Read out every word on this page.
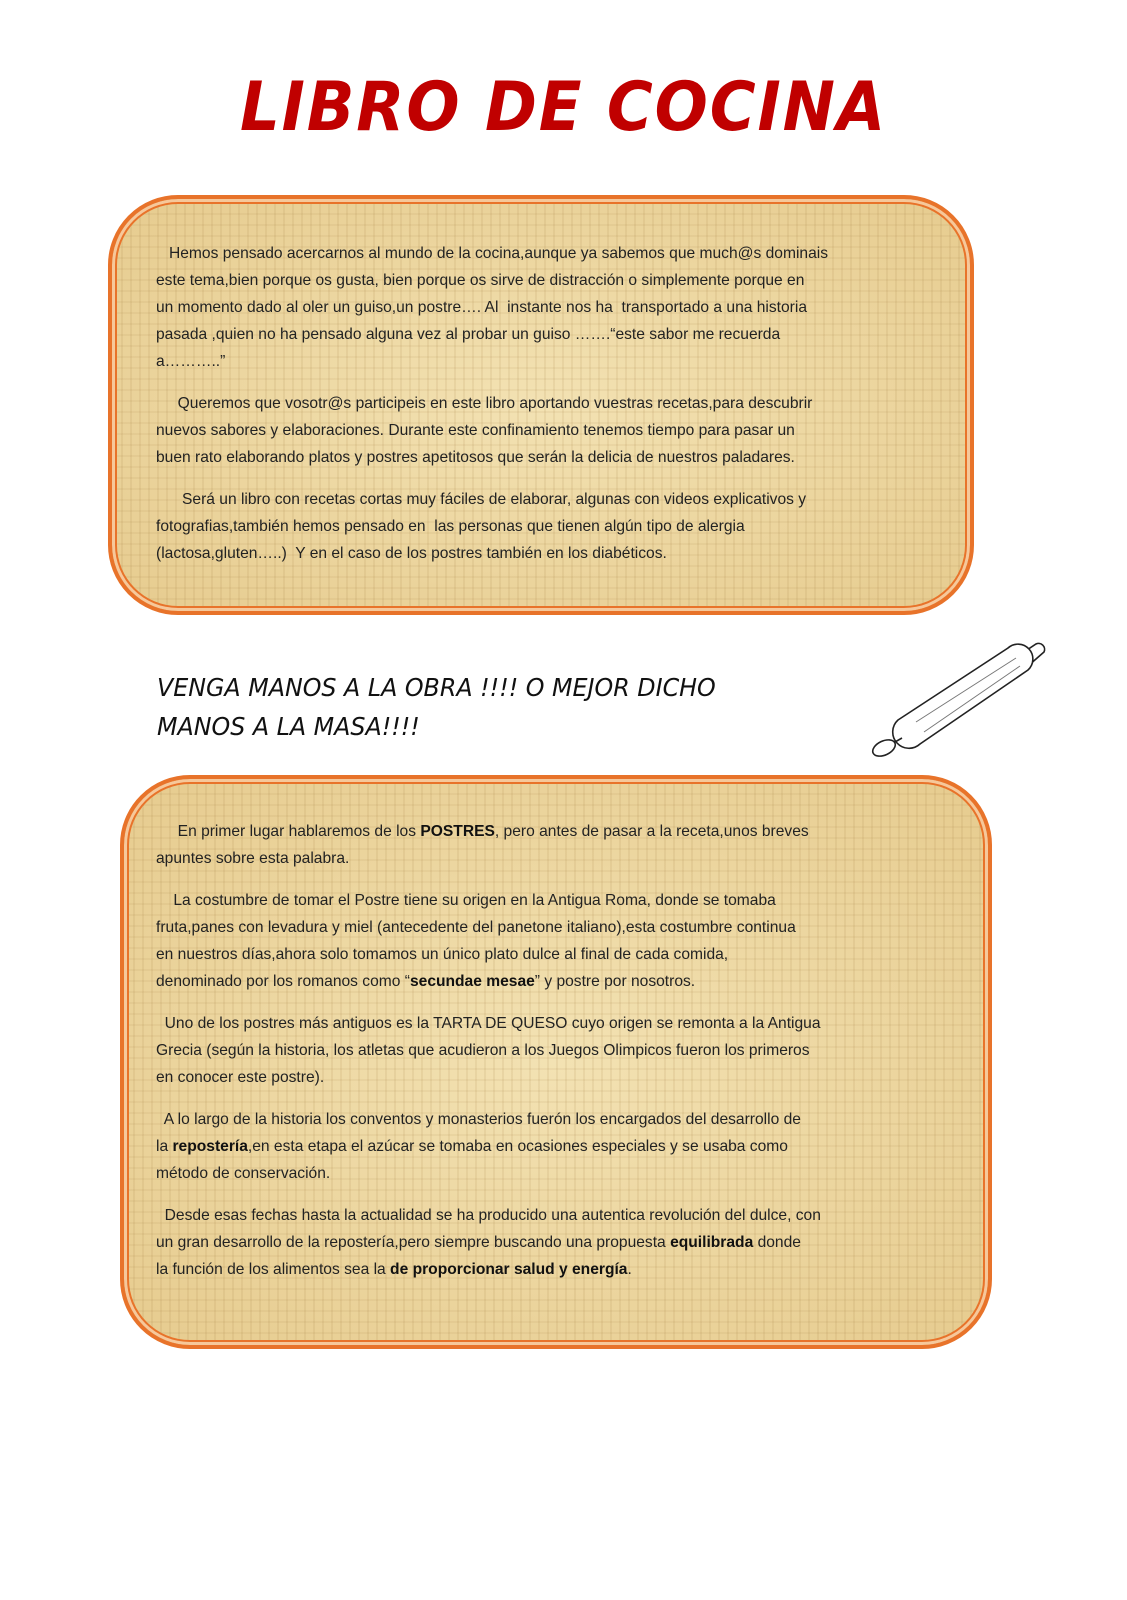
LIBRO DE COCINA
Hemos pensado acercarnos al mundo de la cocina,aunque ya sabemos que much@s dominais
este tema,bien porque os gusta, bien porque os sirve de distracción o simplemente porque en
un momento dado al oler un guiso,un postre…. Al  instante nos ha  transportado a una historia
pasada ,quien no ha pensado alguna vez al probar un guiso …….“este sabor me recuerda
a………..”
Queremos que vosotr@s participeis en este libro aportando vuestras recetas,para descubrir
nuevos sabores y elaboraciones. Durante este confinamiento tenemos tiempo para pasar un
buen rato elaborando platos y postres apetitosos que serán la delicia de nuestros paladares.
Será un libro con recetas cortas muy fáciles de elaborar, algunas con videos explicativos y
fotografias,también hemos pensado en  las personas que tienen algún tipo de alergia
(lactosa,gluten…..)  Y en el caso de los postres también en los diabéticos.
VENGA MANOS A LA OBRA !!!! O MEJOR DICHO
MANOS A LA MASA!!!!
En primer lugar hablaremos de los POSTRES, pero antes de pasar a la receta,unos breves
apuntes sobre esta palabra.
La costumbre de tomar el Postre tiene su origen en la Antigua Roma, donde se tomaba
fruta,panes con levadura y miel (antecedente del panetone italiano),esta costumbre continua
en nuestros días,ahora solo tomamos un único plato dulce al final de cada comida,
denominado por los romanos como “secundae mesae” y postre por nosotros.
Uno de los postres más antiguos es la TARTA DE QUESO cuyo origen se remonta a la Antigua
Grecia (según la historia, los atletas que acudieron a los Juegos Olimpicos fueron los primeros
en conocer este postre).
A lo largo de la historia los conventos y monasterios fuerón los encargados del desarrollo de
la repostería,en esta etapa el azúcar se tomaba en ocasiones especiales y se usaba como
método de conservación.
Desde esas fechas hasta la actualidad se ha producido una autentica revolución del dulce, con
un gran desarrollo de la repostería,pero siempre buscando una propuesta equilibrada donde
la función de los alimentos sea la de proporcionar salud y energía.
